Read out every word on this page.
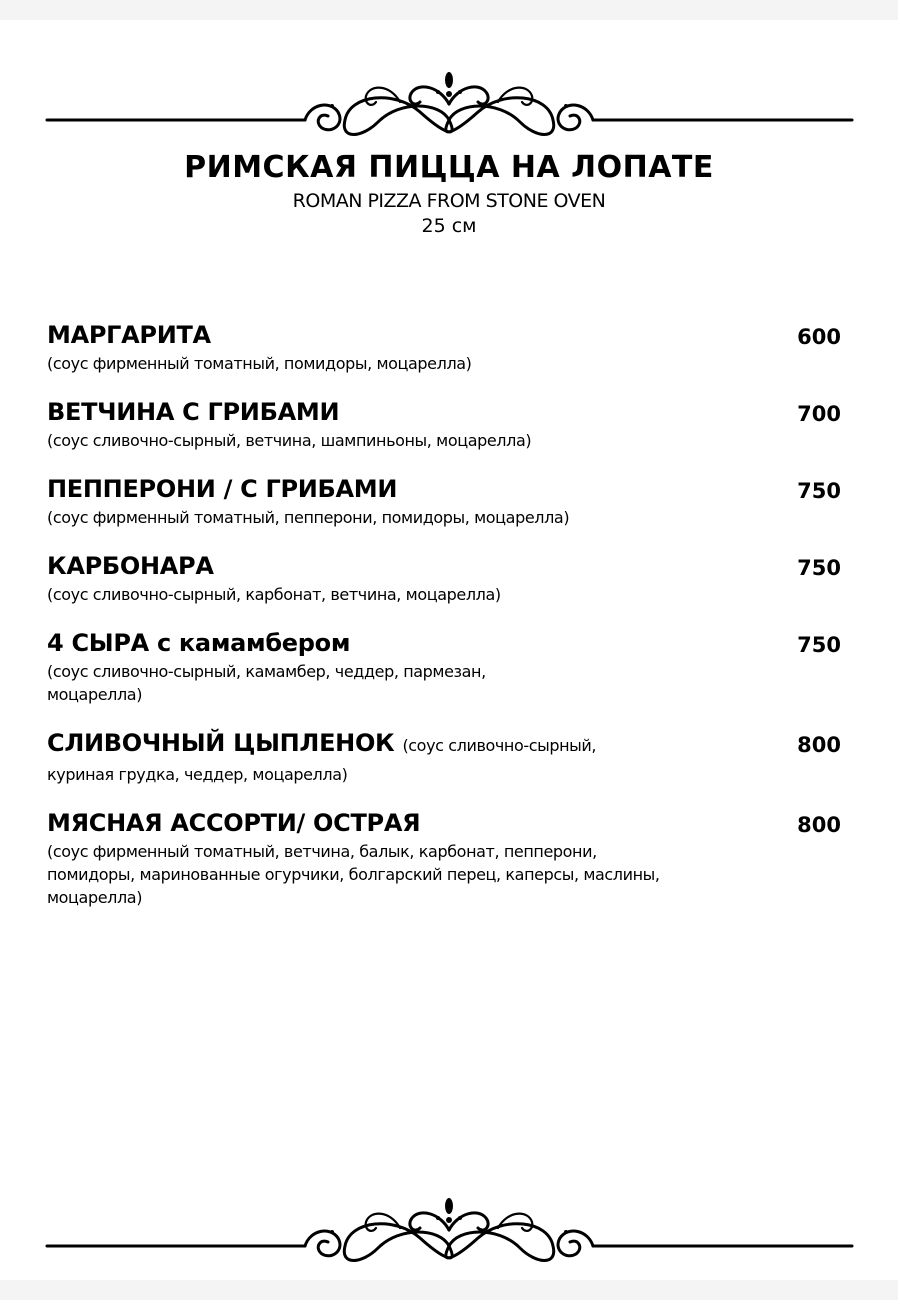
РИМСКАЯ ПИЦЦА НА ЛОПАТЕ

ROMAN PIZZA FROM STONE OVEN

25 см

МАРГАРИТА
(соус фирменный томатный, помидоры, моцарелла)
600
ВЕТЧИНА С ГРИБАМИ
(соус сливочно-сырный, ветчина, шампиньоны, моцарелла)
700
ПЕППЕРОНИ / С ГРИБАМИ
(соус фирменный томатный, пепперони, помидоры, моцарелла)
750
КАРБОНАРА
(соус сливочно-сырный, карбонат, ветчина, моцарелла)
750
4 СЫРА с камамбером
(соус сливочно-сырный, камамбер, чеддер, пармезан, моцарелла)
750
СЛИВОЧНЫЙ ЦЫПЛЕНОК (соус сливочно-сырный,
куриная грудка, чеддер, моцарелла)
800
МЯСНАЯ АССОРТИ/ ОСТРАЯ
(соус фирменный томатный, ветчина, балык, карбонат, пепперони, помидоры, маринованные огурчики, болгарский перец, каперсы, маслины, моцарелла)
800
